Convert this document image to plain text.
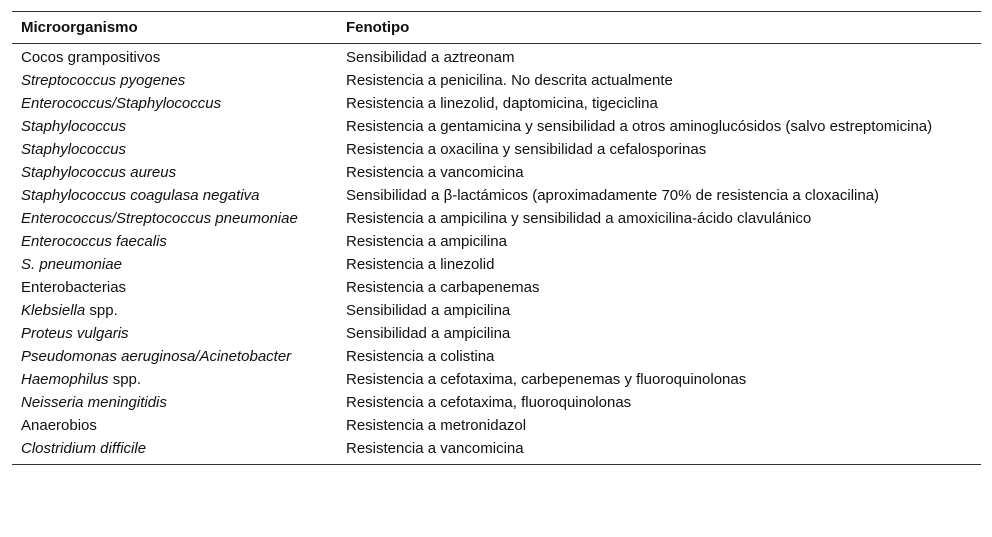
Microorganismo	Fenotipo
Cocos grampositivos	Sensibilidad a aztreonam
Streptococcus pyogenes	Resistencia a penicilina. No descrita actualmente
Enterococcus/Staphylococcus	Resistencia a linezolid, daptomicina, tigeciclina
Staphylococcus	Resistencia a gentamicina y sensibilidad a otros aminoglucósidos (salvo estreptomicina)
Staphylococcus	Resistencia a oxacilina y sensibilidad a cefalosporinas
Staphylococcus aureus	Resistencia a vancomicina
Staphylococcus coagulasa negativa	Sensibilidad a β-lactámicos (aproximadamente 70% de resistencia a cloxacilina)
Enterococcus/Streptococcus pneumoniae	Resistencia a ampicilina y sensibilidad a amoxicilina-ácido clavulánico
Enterococcus faecalis	Resistencia a ampicilina
S. pneumoniae	Resistencia a linezolid
Enterobacterias	Resistencia a carbapenemas
Klebsiella spp.	Sensibilidad a ampicilina
Proteus vulgaris	Sensibilidad a ampicilina
Pseudomonas aeruginosa/Acinetobacter	Resistencia a colistina
Haemophilus spp.	Resistencia a cefotaxima, carbepenemas y fluoroquinolonas
Neisseria meningitidis	Resistencia a cefotaxima, fluoroquinolonas
Anaerobios	Resistencia a metronidazol
Clostridium difficile	Resistencia a vancomicina
